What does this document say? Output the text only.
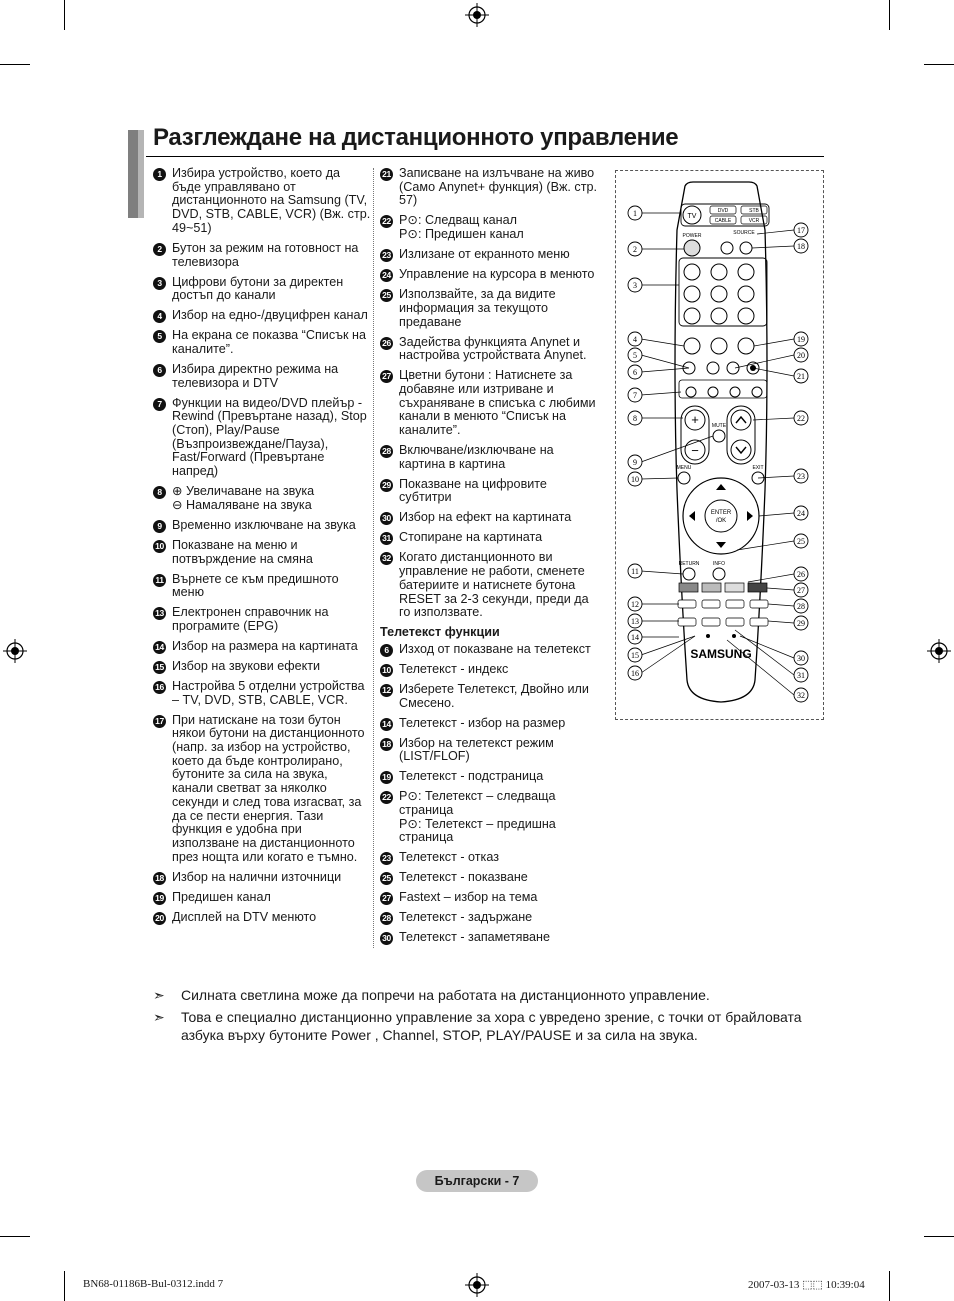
Разглеждане на дистанционното управление
1 Избира устройство, което да бъде управлявано от дистанционното на Samsung (TV, DVD, STB, CABLE, VCR) (Вж. стр. 49~51)
2 Бутон за режим на готовност на телевизора
3 Цифрови бутони за директен достъп до канали
4 Избор на едно-/двуцифрен канал
5 На екрана се показва “Списък на каналите”.
6 Избира директно режима на телевизора и DTV
7 Функции на видео/DVD плейър - Rewind (Превъртане назад), Stop (Стоп), Play/Pause (Възпроизвеждане/Пауза), Fast/Forward (Превъртане напред)
8 ⊕ Увеличаване на звука
⊖ Намаляване на звука
9 Временно изключване на звука
10 Показване на меню и потвърждение на смяна
11 Върнете се към предишното меню
13 Електронен справочник на програмите (EPG)
14 Избор на размера на картината
15 Избор на звукови ефекти
16 Настройва 5 отделни устройства – TV, DVD, STB, CABLE, VCR.
17 При натискане на този бутон някои бутони на дистанционното (напр. за избор на устройство, което да бъде контролирано, бутоните за сила на звука, канали светват за няколко секунди и след това изгасват, за да се пести енергия. Тази функция е удобна при използване на дистанционното през нощта или когато е тъмно.
18 Избор на налични източници
19 Предишен канал
20 Дисплей на DTV менюто
21 Записване на излъчване на живо
(Само Anynet+ функция) (Вж. стр. 57)
22 P⊙: Следващ канал
P⊙: Предишен канал
23 Излизане от екранното меню
24 Управление на курсора в менюто
25 Използвайте, за да видите информация за текущото предаване
26 Задейства функцията Anynet и настройва устройствата Anynet.
27 Цветни бутони : Натиснете за добавяне или изтриване и съхраняване в списъка с любими канали в менюто “Списък на каналите”.
28 Включване/изключване на картина в картина
29 Показване на цифровите субтитри
30 Избор на ефект на картината
31 Стопиране на картината
32 Когато дистанционното ви управление не работи, сменете батериите и натиснете бутона RESET за 2-3 секунди, преди да го използвате.
Телетекст функции
6 Изход от показване на телетекст
10 Телетекст - индекс
12 Изберете Телетекст, Двойно или Смесено.
14 Телетекст - избор на размер
18 Избор на телетекст режим (LIST/FLOF)
19 Телетекст - подстраница
22 P⊙: Телетекст – следваща страница
P⊙: Телетекст – предишна страница
23 Телетекст - отказ
25 Телетекст - показване
27 Fastext – избор на тема
28 Телетекст - задържане
30 Телетекст - запаметяване
TV
DVD	STB
CABLE	VCR
POWER	SOURCE
+
−
MUTE
MENU	EXIT
ENTER
/OK
RETURN	INFO
SAMSUNG
1
2
3
4
5
6
7
8
9
10
11
12
13
14
15
16
17
18
19
20
21
22
23
24
25
26
27
28
29
30
31
32
➣	Силната светлина може да попречи на работата на дистанционното управление.
➣	Това е специално дистанционно управление за хора с увредено зрение, с точки от брайловата азбука върху бутоните Power , Channel, STOP, PLAY/PAUSE и за сила на звука.
Български - 7
BN68-01186B-Bul-0312.indd 7	2007-03-13 ⬚⬚ 10:39:04
